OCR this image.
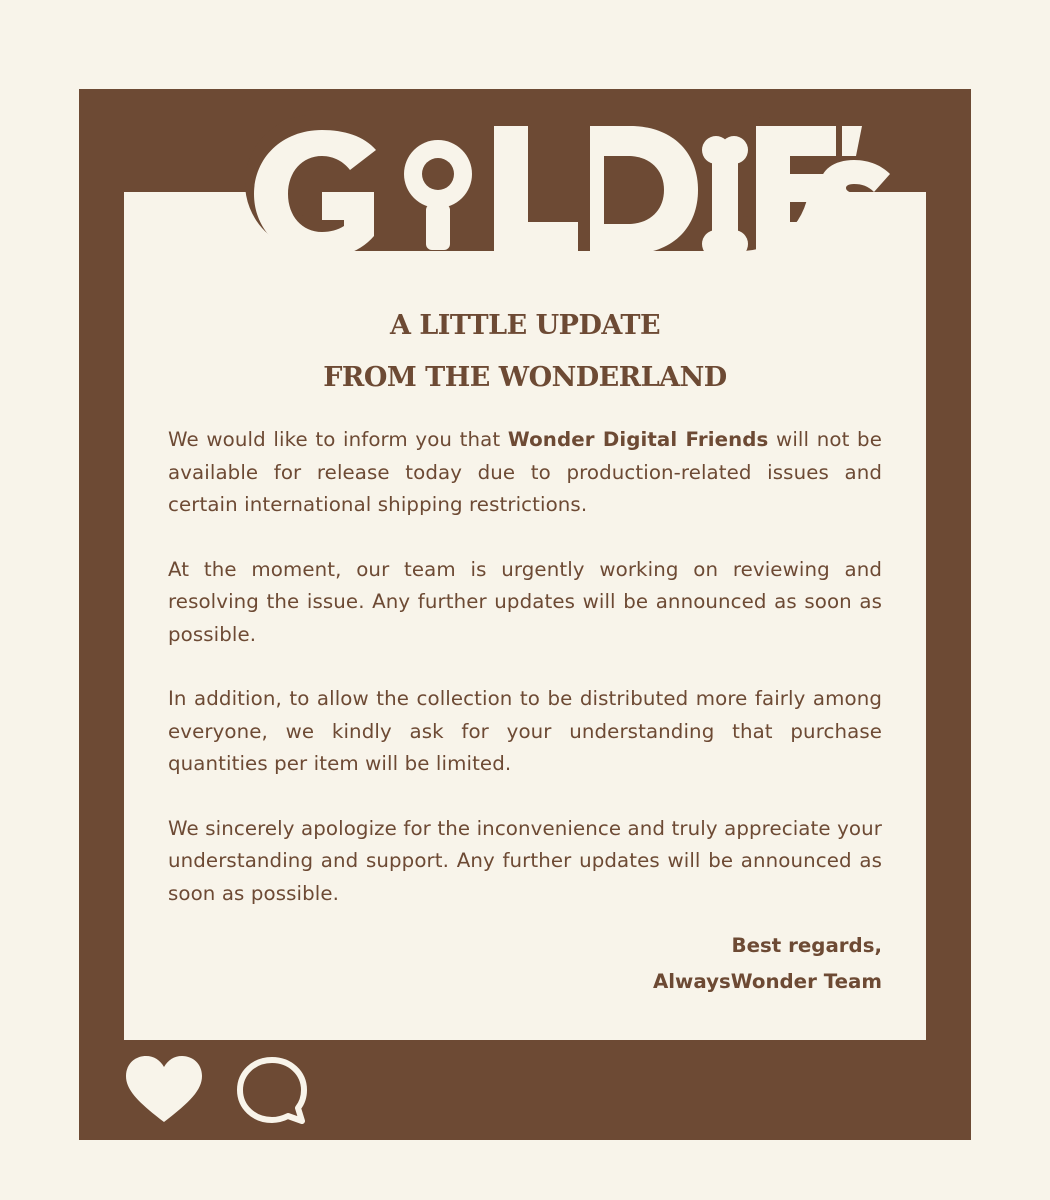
A LITTLE UPDATE
FROM THE WONDERLAND

We would like to inform you that Wonder Digital Friends will not be available for release today due to production-related issues and certain international shipping restrictions.

At the moment, our team is urgently working on reviewing and resolving the issue. Any further updates will be announced as soon as possible.

In addition, to allow the collection to be distributed more fairly among everyone, we kindly ask for your understanding that purchase quantities per item will be limited.

We sincerely apologize for the inconvenience and truly appreciate your understanding and support. Any further updates will be announced as soon as possible.

Best regards,
AlwaysWonder Team
